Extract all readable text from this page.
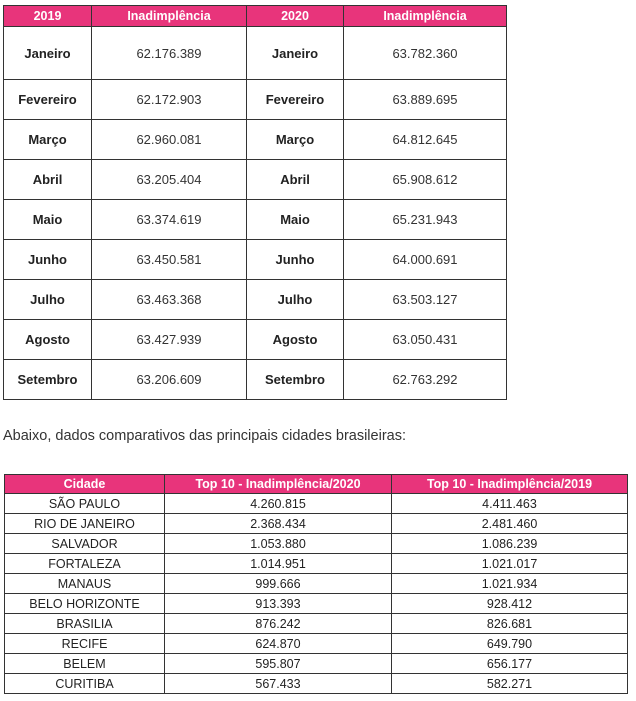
2019	Inadimplência	2020	Inadimplência
Janeiro	62.176.389	Janeiro	63.782.360
Fevereiro	62.172.903	Fevereiro	63.889.695
Março	62.960.081	Março	64.812.645
Abril	63.205.404	Abril	65.908.612
Maio	63.374.619	Maio	65.231.943
Junho	63.450.581	Junho	64.000.691
Julho	63.463.368	Julho	63.503.127
Agosto	63.427.939	Agosto	63.050.431
Setembro	63.206.609	Setembro	62.763.292

Abaixo, dados comparativos das principais cidades brasileiras:

Cidade	Top 10 - Inadimplência/2020	Top 10 - Inadimplência/2019
SÃO PAULO	4.260.815	4.411.463
RIO DE JANEIRO	2.368.434	2.481.460
SALVADOR	1.053.880	1.086.239
FORTALEZA	1.014.951	1.021.017
MANAUS	999.666	1.021.934
BELO HORIZONTE	913.393	928.412
BRASILIA	876.242	826.681
RECIFE	624.870	649.790
BELEM	595.807	656.177
CURITIBA	567.433	582.271
